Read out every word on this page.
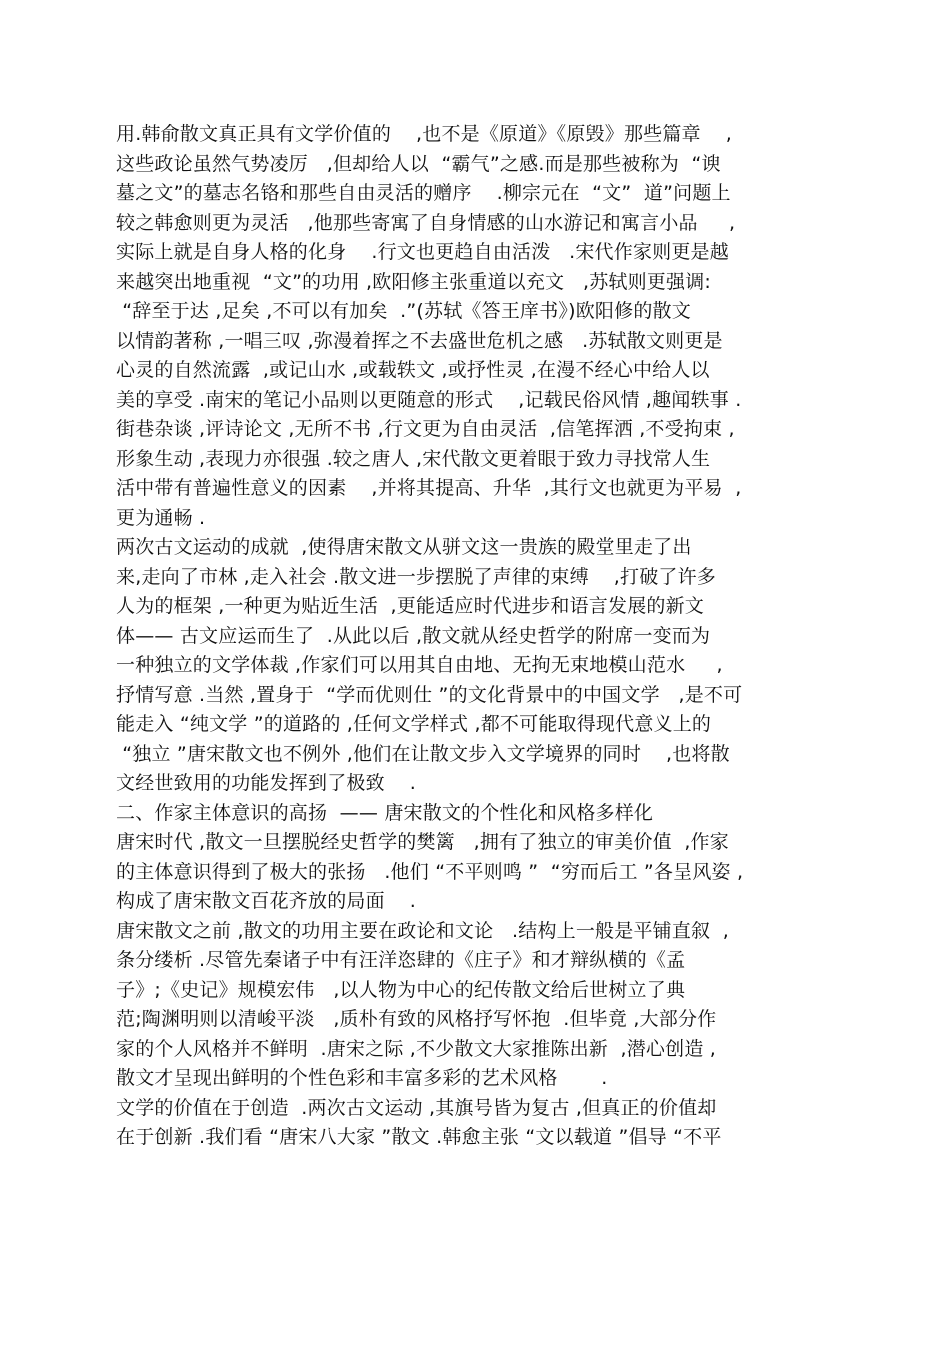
用.韩俞散文真正具有文学价值的    ,也不是《原道》《原毁》那些篇章    ,
这些政论虽然气势凌厉   ,但却给人以  “霸气”之感.而是那些被称为  “谀
墓之文”的墓志名铬和那些自由灵活的赠序    .柳宗元在  “文”  道”问题上
较之韩愈则更为灵活   ,他那些寄寓了自身情感的山水游记和寓言小品     ,
实际上就是自身人格的化身    .行文也更趋自由活泼   .宋代作家则更是越
来越突出地重视  “文”的功用 ,欧阳修主张重道以充文   ,苏轼则更强调:
“辞至于达 ,足矣 ,不可以有加矣  .”(苏轼《答王庠书》)欧阳修的散文
以情韵著称 ,一唱三叹 ,弥漫着挥之不去盛世危机之感   .苏轼散文则更是
心灵的自然流露  ,或记山水 ,或载轶文 ,或抒性灵 ,在漫不经心中给人以
美的享受 .南宋的笔记小品则以更随意的形式    ,记载民俗风情 ,趣闻轶事 .
街巷杂谈 ,评诗论文 ,无所不书 ,行文更为自由灵活  ,信笔挥洒 ,不受拘束 ,
形象生动 ,表现力亦很强 .较之唐人 ,宋代散文更着眼于致力寻找常人生
活中带有普遍性意义的因素    ,并将其提高、升华  ,其行文也就更为平易  ,
更为通畅 .
两次古文运动的成就  ,使得唐宋散文从骈文这一贵族的殿堂里走了出
来,走向了市林 ,走入社会 .散文进一步摆脱了声律的束缚    ,打破了许多
人为的框架 ,一种更为贴近生活  ,更能适应时代进步和语言发展的新文
体—— 古文应运而生了  .从此以后 ,散文就从经史哲学的附席一变而为
一种独立的文学体裁 ,作家们可以用其自由地、无拘无束地模山范水     ,
抒情写意 .当然 ,置身于  “学而优则仕 ”的文化背景中的中国文学   ,是不可
能走入 “纯文学 ”的道路的 ,任何文学样式 ,都不可能取得现代意义上的
“独立 ”唐宋散文也不例外 ,他们在让散文步入文学境界的同时    ,也将散
文经世致用的功能发挥到了极致    .
二、作家主体意识的高扬  —— 唐宋散文的个性化和风格多样化
唐宋时代 ,散文一旦摆脱经史哲学的樊篱   ,拥有了独立的审美价值  ,作家
的主体意识得到了极大的张扬   .他们 “不平则鸣 ”  “穷而后工 ”各呈风姿 ,
构成了唐宋散文百花齐放的局面    .
唐宋散文之前 ,散文的功用主要在政论和文论   .结构上一般是平铺直叙  ,
条分缕析 .尽管先秦诸子中有汪洋恣肆的《庄子》和才辩纵横的《孟
子》;《史记》规模宏伟   ,以人物为中心的纪传散文给后世树立了典
范;陶渊明则以清峻平淡   ,质朴有致的风格抒写怀抱  .但毕竟 ,大部分作
家的个人风格并不鲜明  .唐宋之际 ,不少散文大家推陈出新  ,潜心创造 ,
散文才呈现出鲜明的个性色彩和丰富多彩的艺术风格       .
文学的价值在于创造  .两次古文运动 ,其旗号皆为复古 ,但真正的价值却
在于创新 .我们看 “唐宋八大家 ”散文 .韩愈主张 “文以载道 ”倡导 “不平
